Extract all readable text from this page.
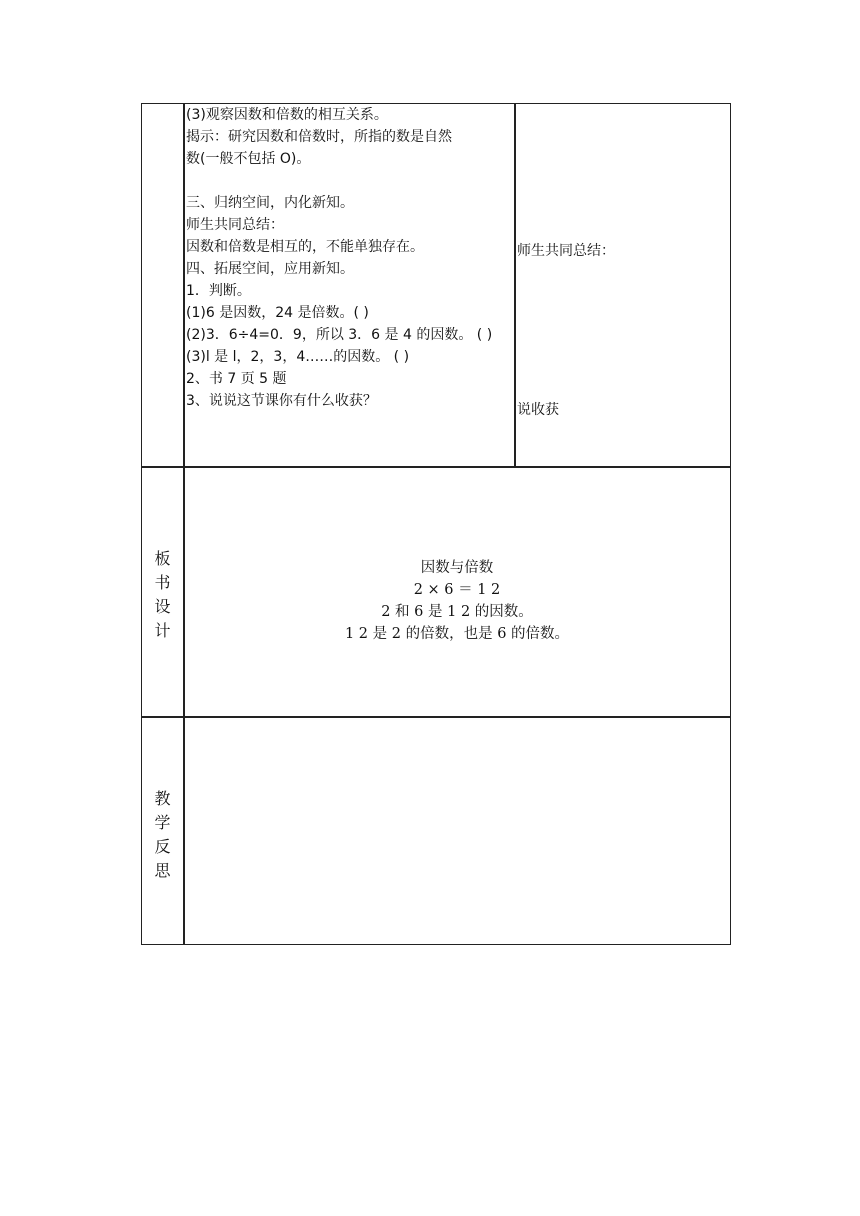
(3)观察因数和倍数的相互关系。
揭示：研究因数和倍数时，所指的数是自然
数(一般不包括 O)。
三、归纳空间，内化新知。
师生共同总结：
因数和倍数是相互的，不能单独存在。
四、拓展空间，应用新知。
1．判断。
(1)6 是因数，24 是倍数。( )
(2)3．6÷4=0．9，所以 3．6 是 4 的因数。 ( )
(3)l 是 l，2，3，4……的因数。 ( )
2、书 7 页 5 题
3、说说这节课你有什么收获？
师生共同总结：
说收获
板
书
设
计
因数与倍数
2 × 6 ＝ 1 2
2 和 6 是 1 2 的因数。
1 2 是 2 的倍数，也是 6 的倍数。
教
学
反
思
